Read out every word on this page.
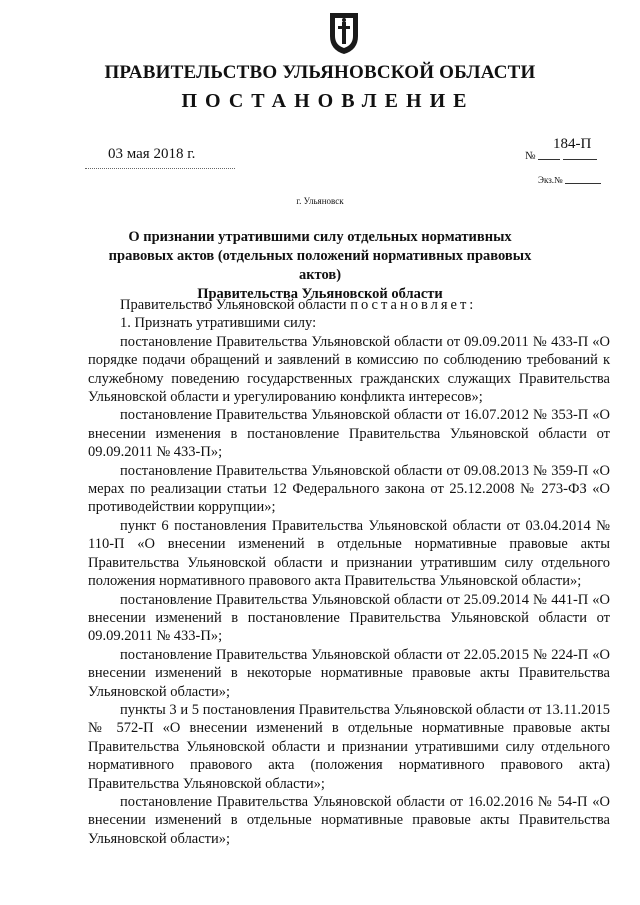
ПРАВИТЕЛЬСТВО УЛЬЯНОВСКОЙ ОБЛАСТИ
ПОСТАНОВЛЕНИЕ
03 мая 2018 г.
184-П
№
Экз.№
г. Ульяновск
О признании утратившими силу отдельных нормативных
правовых актов (отдельных положений нормативных правовых актов)
Правительства Ульяновской области

Правительство Ульяновской области постановляет:

1. Признать утратившими силу:

постановление Правительства Ульяновской области от 09.09.2011 № 433-П «О порядке подачи обращений и заявлений в комиссию по соблюдению требований к служебному поведению государственных гражданских служащих Правительства Ульяновской области и урегулированию конфликта интересов»;

постановление Правительства Ульяновской области от 16.07.2012 № 353-П «О внесении изменения в постановление Правительства Ульяновской области от 09.09.2011 № 433-П»;

постановление Правительства Ульяновской области от 09.08.2013 № 359-П «О мерах по реализации статьи 12 Федерального закона от 25.12.2008 № 273-ФЗ «О противодействии коррупции»;

пункт 6 постановления Правительства Ульяновской области от 03.04.2014 № 110-П «О внесении изменений в отдельные нормативные правовые акты Правительства Ульяновской области и признании утратившим силу отдельного положения нормативного правового акта Правительства Ульяновской области»;

постановление Правительства Ульяновской области от 25.09.2014 № 441-П «О внесении изменений в постановление Правительства Ульяновской области от 09.09.2011 № 433-П»;

постановление Правительства Ульяновской области от 22.05.2015 № 224-П «О внесении изменений в некоторые нормативные правовые акты Правительства Ульяновской области»;

пункты 3 и 5 постановления Правительства Ульяновской области от 13.11.2015 № 572-П «О внесении изменений в отдельные нормативные правовые акты Правительства Ульяновской области и признании утратившими силу отдельного нормативного правового акта (положения нормативного правового акта) Правительства Ульяновской области»;

постановление Правительства Ульяновской области от 16.02.2016 № 54-П «О внесении изменений в отдельные нормативные правовые акты Правительства Ульяновской области»;
